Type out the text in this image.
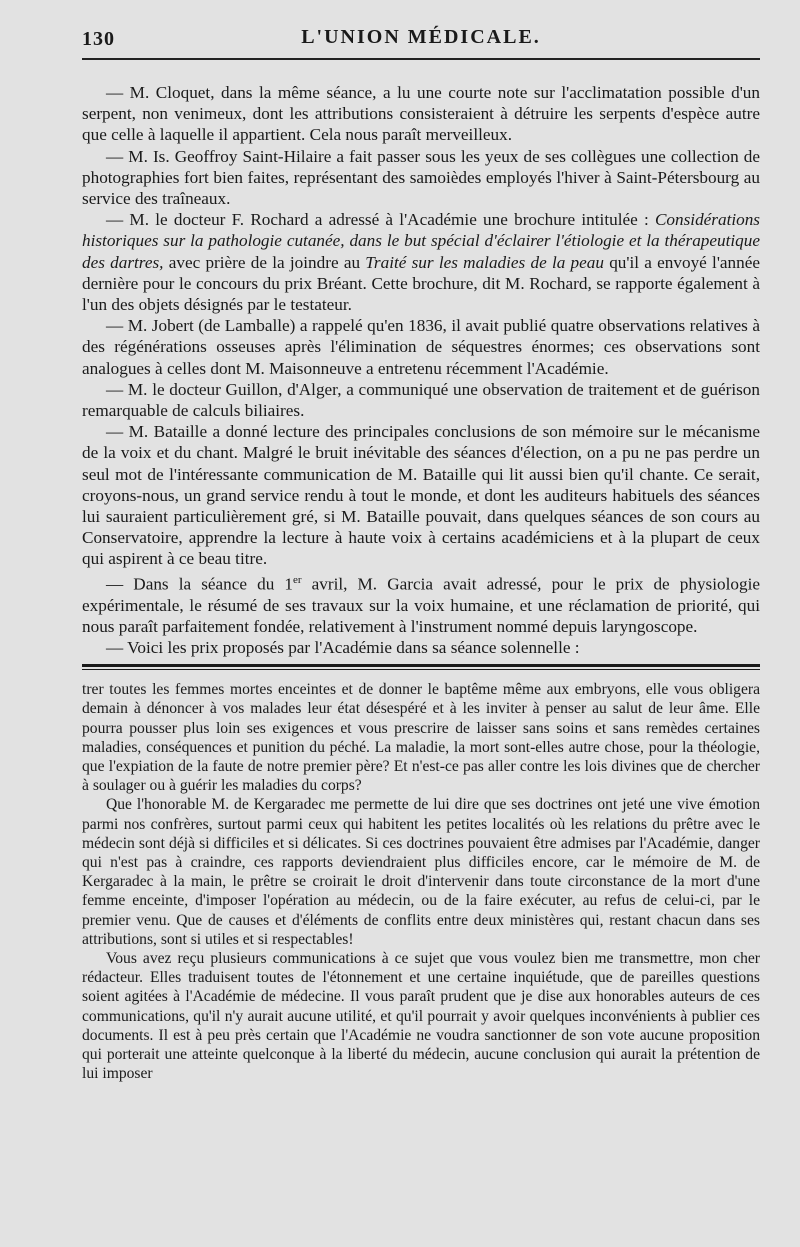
130	L'UNION MÉDICALE.

— M. Cloquet, dans la même séance, a lu une courte note sur l'acclimatation possible d'un serpent, non venimeux, dont les attributions consisteraient à détruire les serpents d'espèce autre que celle à laquelle il appartient. Cela nous paraît merveilleux.

— M. Is. Geoffroy Saint-Hilaire a fait passer sous les yeux de ses collègues une collection de photographies fort bien faites, représentant des samoièdes employés l'hiver à Saint-Pétersbourg au service des traîneaux.

— M. le docteur F. Rochard a adressé à l'Académie une brochure intitulée : Considérations historiques sur la pathologie cutanée, dans le but spécial d'éclairer l'étiologie et la thérapeutique des dartres, avec prière de la joindre au Traité sur les maladies de la peau qu'il a envoyé l'année dernière pour le concours du prix Bréant. Cette brochure, dit M. Rochard, se rapporte également à l'un des objets désignés par le testateur.

— M. Jobert (de Lamballe) a rappelé qu'en 1836, il avait publié quatre observations relatives à des régénérations osseuses après l'élimination de séquestres énormes; ces observations sont analogues à celles dont M. Maisonneuve a entretenu récemment l'Académie.

— M. le docteur Guillon, d'Alger, a communiqué une observation de traitement et de guérison remarquable de calculs biliaires.

— M. Bataille a donné lecture des principales conclusions de son mémoire sur le mécanisme de la voix et du chant. Malgré le bruit inévitable des séances d'élection, on a pu ne pas perdre un seul mot de l'intéressante communication de M. Bataille qui lit aussi bien qu'il chante. Ce serait, croyons-nous, un grand service rendu à tout le monde, et dont les auditeurs habituels des séances lui sauraient particulièrement gré, si M. Bataille pouvait, dans quelques séances de son cours au Conservatoire, apprendre la lecture à haute voix à certains académiciens et à la plupart de ceux qui aspirent à ce beau titre.

— Dans la séance du 1er avril, M. Garcia avait adressé, pour le prix de physiologie expérimentale, le résumé de ses travaux sur la voix humaine, et une réclamation de priorité, qui nous paraît parfaitement fondée, relativement à l'instrument nommé depuis laryngoscope.

— Voici les prix proposés par l'Académie dans sa séance solennelle :

trer toutes les femmes mortes enceintes et de donner le baptême même aux embryons, elle vous obligera demain à dénoncer à vos malades leur état désespéré et à les inviter à penser au salut de leur âme. Elle pourra pousser plus loin ses exigences et vous prescrire de laisser sans soins et sans remèdes certaines maladies, conséquences et punition du péché. La maladie, la mort sont-elles autre chose, pour la théologie, que l'expiation de la faute de notre premier père? Et n'est-ce pas aller contre les lois divines que de chercher à soulager ou à guérir les maladies du corps?

Que l'honorable M. de Kergaradec me permette de lui dire que ses doctrines ont jeté une vive émotion parmi nos confrères, surtout parmi ceux qui habitent les petites localités où les relations du prêtre avec le médecin sont déjà si difficiles et si délicates. Si ces doctrines pouvaient être admises par l'Académie, danger qui n'est pas à craindre, ces rapports deviendraient plus difficiles encore, car le mémoire de M. de Kergaradec à la main, le prêtre se croirait le droit d'intervenir dans toute circonstance de la mort d'une femme enceinte, d'imposer l'opération au médecin, ou de la faire exécuter, au refus de celui-ci, par le premier venu. Que de causes et d'éléments de conflits entre deux ministères qui, restant chacun dans ses attributions, sont si utiles et si respectables!

Vous avez reçu plusieurs communications à ce sujet que vous voulez bien me transmettre, mon cher rédacteur. Elles traduisent toutes de l'étonnement et une certaine inquiétude, que de pareilles questions soient agitées à l'Académie de médecine. Il vous paraît prudent que je dise aux honorables auteurs de ces communications, qu'il n'y aurait aucune utilité, et qu'il pourrait y avoir quelques inconvénients à publier ces documents. Il est à peu près certain que l'Académie ne voudra sanctionner de son vote aucune proposition qui porterait une atteinte quelconque à la liberté du médecin, aucune conclusion qui aurait la prétention de lui imposer
